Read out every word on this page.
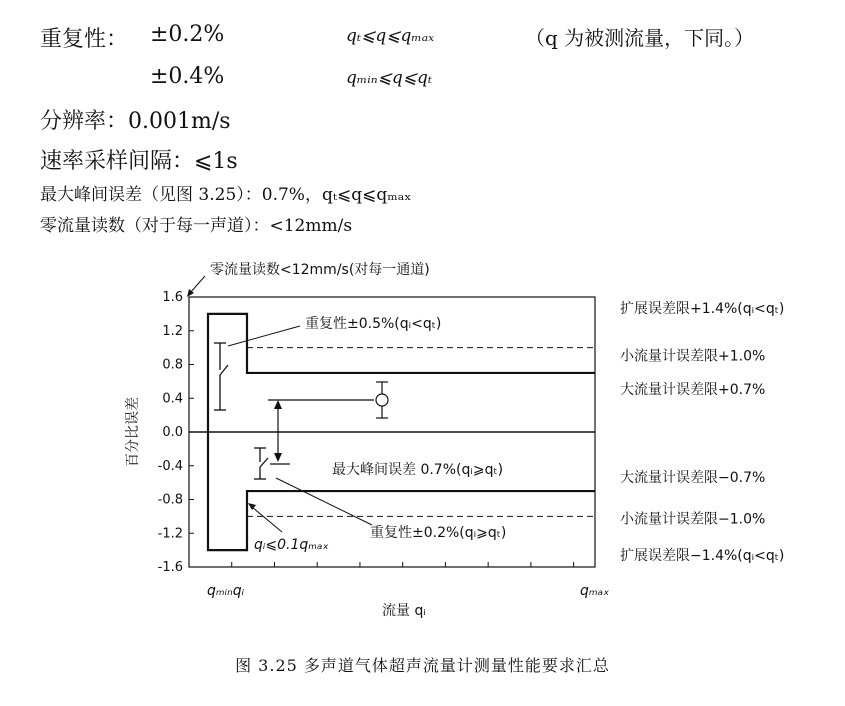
重复性： ±0.2%	qₜ⩽q⩽qₘₐₓ	（q 为被测流量，下同。）
±0.4%	qₘᵢₙ⩽q⩽qₜ
分辨率：0.001m/s
速率采样间隔：⩽1s
最大峰间误差（见图 3.25）：0.7%，qₜ⩽q⩽qₘₐₓ
零流量读数（对于每一声道）：<12mm/s
零流量读数<12mm/s(对每一通道)
百分比误差
1.6
1.2
0.8
0.4
0.0
-0.4
-0.8
-1.2
-1.6
重复性±0.5%(qᵢ<qₜ)
最大峰间误差 0.7%(qᵢ⩾qₜ)
qᵢ⩽0.1qₘₐₓ
重复性±0.2%(qᵢ⩾qₜ)
扩展误差限+1.4%(qᵢ<qₜ)
小流量计误差限+1.0%
大流量计误差限+0.7%
大流量计误差限−0.7%
小流量计误差限−1.0%
扩展误差限−1.4%(qᵢ<qₜ)
qₘᵢₙqᵢ	qₘₐₓ
流量 qᵢ
图 3.25 多声道气体超声流量计测量性能要求汇总
